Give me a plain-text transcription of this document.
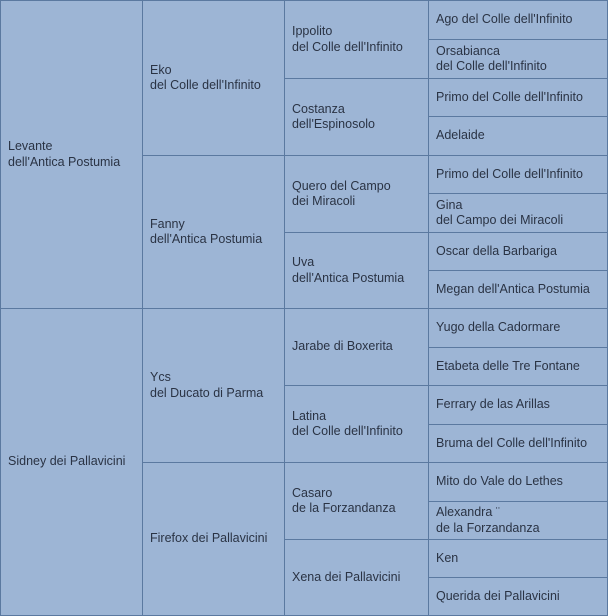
Levante
dell'Antica Postumia
Sidney dei Pallavicini
Eko
del Colle dell'Infinito
Fanny
dell'Antica Postumia
Ycs
del Ducato di Parma
Firefox dei Pallavicini
Ippolito
del Colle dell'Infinito
Costanza
dell'Espinosolo
Quero del Campo
dei Miracoli
Uva
dell'Antica Postumia
Jarabe di Boxerita
Latina
del Colle dell'Infinito
Casaro
de la Forzandanza
Xena dei Pallavicini
Ago del Colle dell'Infinito
Orsabianca
del Colle dell'Infinito
Primo del Colle dell'Infinito
Adelaide
Primo del Colle dell'Infinito
Gina
del Campo dei Miracoli
Oscar della Barbariga
Megan dell'Antica Postumia
Yugo della Cadormare
Etabeta delle Tre Fontane
Ferrary de las Arillas
Bruma del Colle dell'Infinito
Mito do Vale do Lethes
Alexandra ¨
de la Forzandanza
Ken
Querida dei Pallavicini
